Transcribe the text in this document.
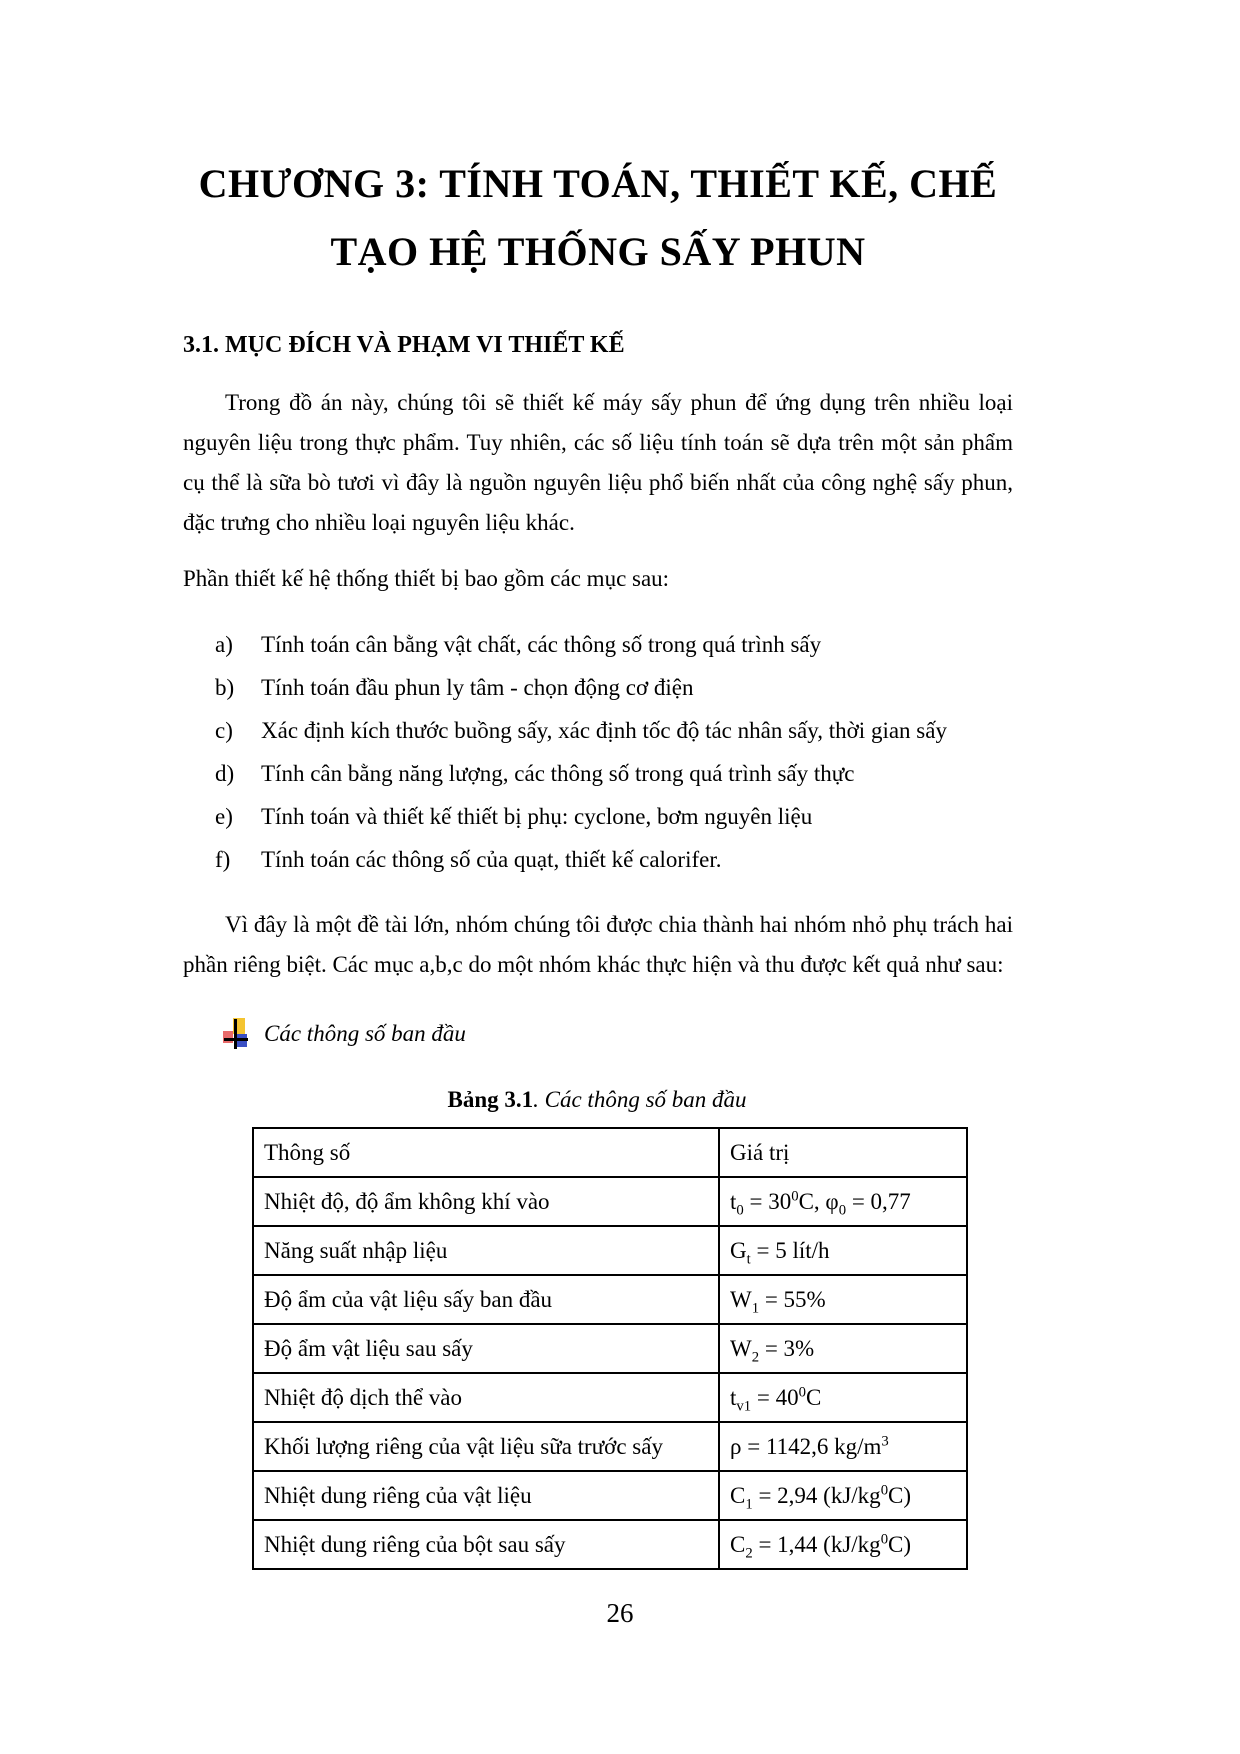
CHƯƠNG 3: TÍNH TOÁN, THIẾT KẾ, CHẾ
TẠO HỆ THỐNG SẤY PHUN
3.1. MỤC ĐÍCH VÀ PHẠM VI THIẾT KẾ

Trong đồ án này, chúng tôi sẽ thiết kế máy sấy phun để ứng dụng trên nhiều loại nguyên liệu trong thực phẩm. Tuy nhiên, các số liệu tính toán sẽ dựa trên một sản phẩm cụ thể là sữa bò tươi vì đây là nguồn nguyên liệu phổ biến nhất của công nghệ sấy phun, đặc trưng cho nhiều loại nguyên liệu khác.

Phần thiết kế hệ thống thiết bị bao gồm các mục sau:

a)	Tính toán cân bằng vật chất, các thông số trong quá trình sấy
b)	Tính toán đầu phun ly tâm - chọn động cơ điện
c)	Xác định kích thước buồng sấy, xác định tốc độ tác nhân sấy, thời gian sấy
d)	Tính cân bằng năng lượng, các thông số trong quá trình sấy thực
e)	Tính toán và thiết kế thiết bị phụ: cyclone, bơm nguyên liệu
f)	Tính toán các thông số của quạt, thiết kế calorifer.

Vì đây là một đề tài lớn, nhóm chúng tôi được chia thành hai nhóm nhỏ phụ trách hai phần riêng biệt. Các mục a,b,c do một nhóm khác thực hiện và thu được kết quả như sau:

Các thông số ban đầu
Bảng 3.1. Các thông số ban đầu
Thông số	Giá trị
Nhiệt độ, độ ẩm không khí vào	$t_0 = 30^0C$, $\varphi_0 = 0,77$
Năng suất nhập liệu	$G_t = 5$ lít/h
Độ ẩm của vật liệu sấy ban đầu	$W_1 = 55\%$
Độ ẩm vật liệu sau sấy	$W_2 = 3\%$
Nhiệt độ dịch thể vào	$t_{v1} = 40^0C$
Khối lượng riêng của vật liệu sữa trước sấy	ρ = 1142,6 $kg/m^3$
Nhiệt dung riêng của vật liệu	$C_1 = 2,94$ $(kJ/kg^0C)$
Nhiệt dung riêng của bột sau sấy	$C_2 = 1,44$ $(kJ/kg^0C)$
26
